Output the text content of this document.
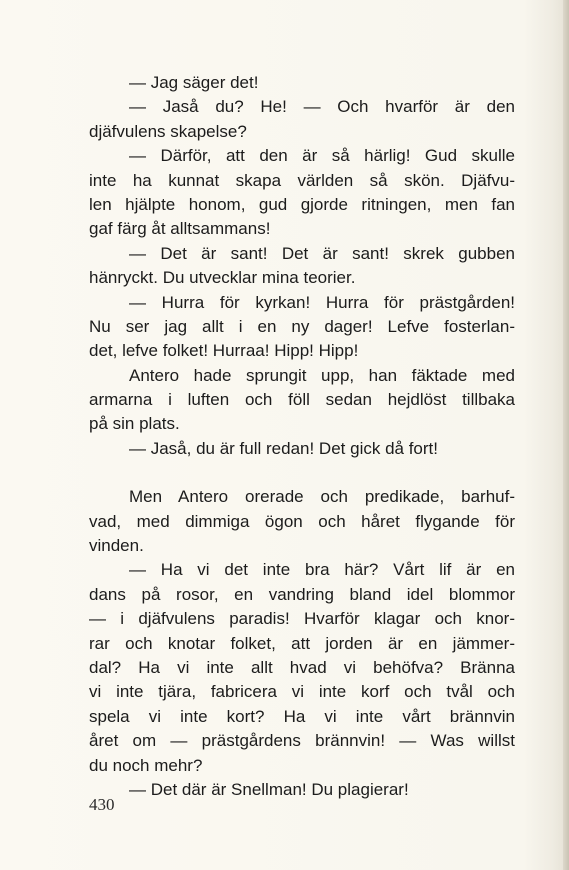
— Jag säger det!
— Jaså du? He! — Och hvarför är den
djäfvulens skapelse?
— Därför, att den är så härlig! Gud skulle
inte ha kunnat skapa världen så skön. Djäfvu-
len hjälpte honom, gud gjorde ritningen, men fan
gaf färg åt alltsammans!
— Det är sant! Det är sant! skrek gubben
hänryckt. Du utvecklar mina teorier.
— Hurra för kyrkan! Hurra för prästgården!
Nu ser jag allt i en ny dager! Lefve fosterlan-
det, lefve folket! Hurraa! Hipp! Hipp!
Antero hade sprungit upp, han fäktade med
armarna i luften och föll sedan hejdlöst tillbaka
på sin plats.
— Jaså, du är full redan! Det gick då fort!
Men Antero orerade och predikade, barhuf-
vad, med dimmiga ögon och håret flygande för
vinden.
— Ha vi det inte bra här? Vårt lif är en
dans på rosor, en vandring bland idel blommor
— i djäfvulens paradis! Hvarför klagar och knor-
rar och knotar folket, att jorden är en jämmer-
dal? Ha vi inte allt hvad vi behöfva? Bränna
vi inte tjära, fabricera vi inte korf och tvål och
spela vi inte kort? Ha vi inte vårt brännvin
året om — prästgårdens brännvin! — Was willst
du noch mehr?
— Det där är Snellman! Du plagierar!
430
